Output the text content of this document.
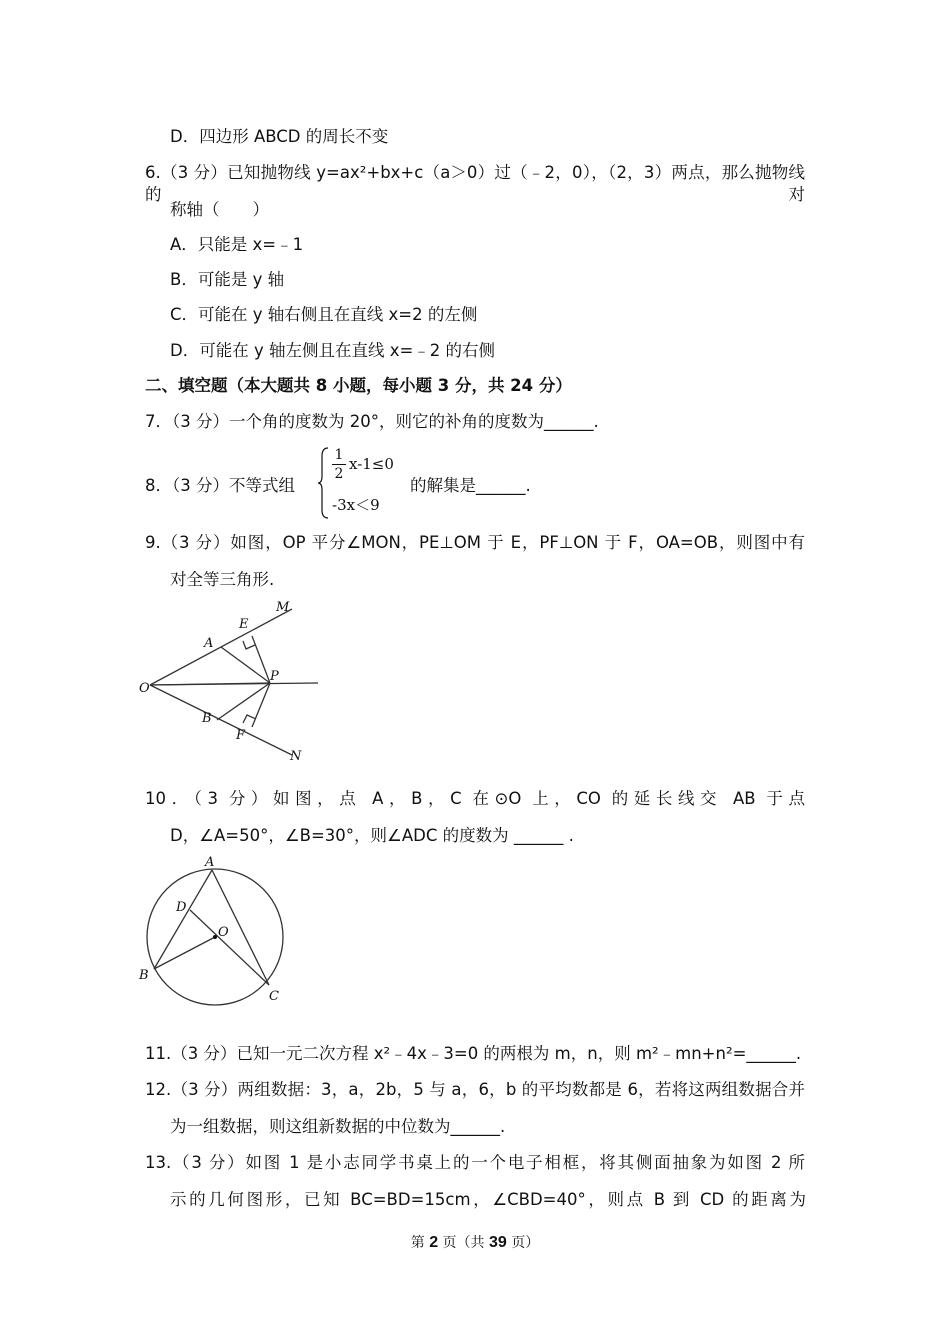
D．四边形 ABCD 的周长不变
6.（3 分）已知抛物线 y=ax²+bx+c（a＞0）过（﹣2，0），（2，3）两点，那么抛物线的对
称轴（　　）
A．只能是 x=﹣1
B．可能是 y 轴
C．可能在 y 轴右侧且在直线 x=2 的左侧
D．可能在 y 轴左侧且在直线 x=﹣2 的右侧
二、填空题（本大题共 8 小题，每小题 3 分，共 24 分）
7．（3 分）一个角的度数为 20°，则它的补角的度数为______.
8．（3 分）不等式组
$\frac{1}{2} x-1\le 0$
-3x＜9
的解集是______.
9.（3 分）如图，OP 平分∠MON，PE⊥OM 于 E，PF⊥ON 于 F，OA=OB，则图中有
对全等三角形.
M
E
A
P
O
B
F
N
10．（3 分）如图，点 A，B，C 在⊙O 上，CO 的延长线交 AB 于点
D，∠A=50°，∠B=30°，则∠ADC 的度数为 ______ .
A
D
O
B
C
11.（3 分）已知一元二次方程 x²﹣4x﹣3=0 的两根为 m，n，则 m²﹣mn+n²=______.
12.（3 分）两组数据：3，a，2b，5 与 a，6，b 的平均数都是 6，若将这两组数据合并
为一组数据，则这组新数据的中位数为______.
13.（3 分）如图 1 是小志同学书桌上的一个电子相框，将其侧面抽象为如图 2 所
示的几何图形，已知 BC=BD=15cm，∠CBD=40°，则点 B 到 CD 的距离为
第 2 页（共 39 页）
